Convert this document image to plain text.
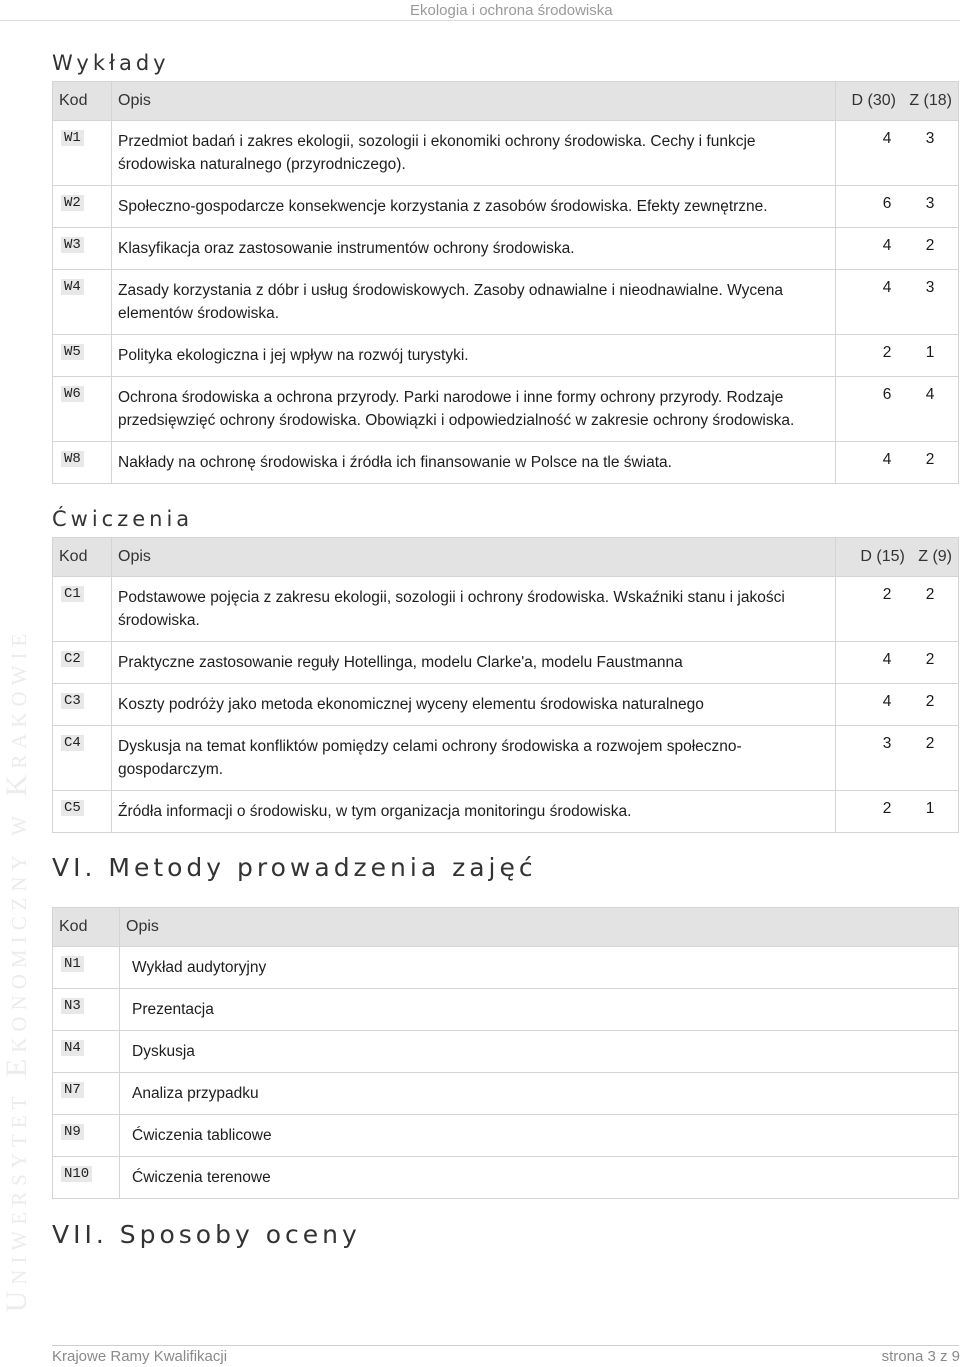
Ekologia i ochrona środowiska
Uniwersytet Ekonomiczny w Krakowie
Wykłady
Kod	Opis	D (30) Z (18)
W1	Przedmiot badań i zakres ekologii, sozologii i ekonomiki ochrony środowiska. Cechy i funkcje środowiska naturalnego (przyrodniczego).	4 3
W2	Społeczno-gospodarcze konsekwencje korzystania z zasobów środowiska. Efekty zewnętrzne.	6 3
W3	Klasyfikacja oraz zastosowanie instrumentów ochrony środowiska.	4 2
W4	Zasady korzystania z dóbr i usług środowiskowych. Zasoby odnawialne i nieodnawialne. Wycena elementów środowiska.	4 3
W5	Polityka ekologiczna i jej wpływ na rozwój turystyki.	2 1
W6	Ochrona środowiska a ochrona przyrody. Parki narodowe i inne formy ochrony przyrody. Rodzaje przedsięwzięć ochrony środowiska. Obowiązki i odpowiedzialność w zakresie ochrony środowiska.	6 4
W8	Nakłady na ochronę środowiska i źródła ich finansowanie w Polsce na tle świata.	4 2
Ćwiczenia
Kod	Opis	D (15) Z (9)
C1	Podstawowe pojęcia z zakresu ekologii, sozologii i ochrony środowiska. Wskaźniki stanu i jakości środowiska.	2 2
C2	Praktyczne zastosowanie reguły Hotellinga, modelu Clarke'a, modelu Faustmanna	4 2
C3	Koszty podróży jako metoda ekonomicznej wyceny elementu środowiska naturalnego	4 2
C4	Dyskusja na temat konfliktów pomiędzy celami ochrony środowiska a rozwojem społeczno-gospodarczym.	3 2
C5	Źródła informacji o środowisku, w tym organizacja monitoringu środowiska.	2 1
VI. Metody prowadzenia zajęć
Kod	Opis
N1	Wykład audytoryjny
N3	Prezentacja
N4	Dyskusja
N7	Analiza przypadku
N9	Ćwiczenia tablicowe
N10	Ćwiczenia terenowe
VII. Sposoby oceny
Krajowe Ramy Kwalifikacji	strona 3 z 9
